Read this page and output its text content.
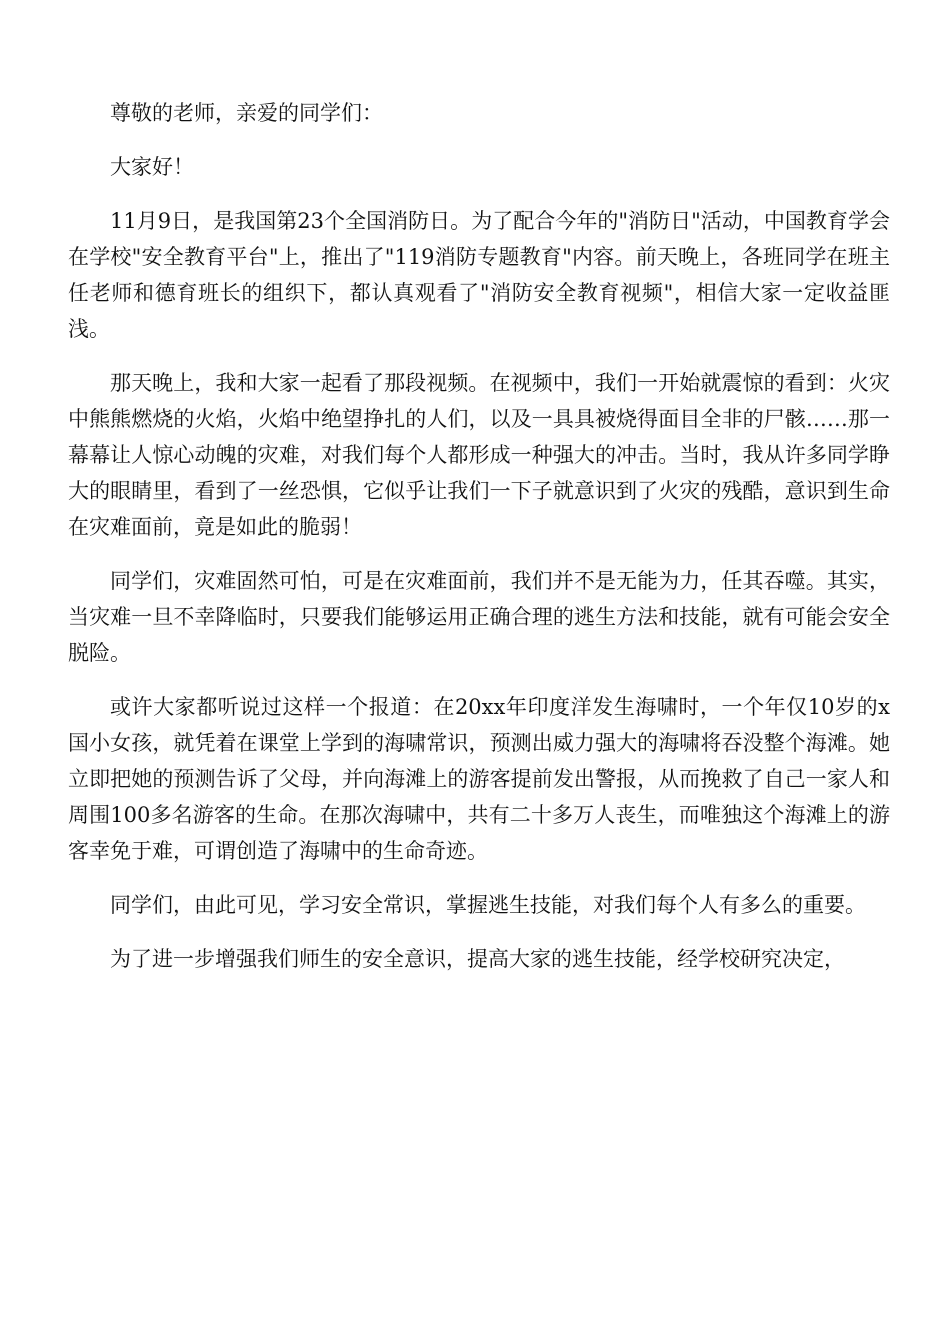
尊敬的老师，亲爱的同学们：

大家好！

11月9日，是我国第23个全国消防日。为了配合今年的"消防日"活动，中国教育学会在学校"安全教育平台"上，推出了"119消防专题教育"内容。前天晚上，各班同学在班主任老师和德育班长的组织下，都认真观看了"消防安全教育视频"，相信大家一定收益匪浅。

那天晚上，我和大家一起看了那段视频。在视频中，我们一开始就震惊的看到：火灾中熊熊燃烧的火焰，火焰中绝望挣扎的人们，以及一具具被烧得面目全非的尸骸……那一幕幕让人惊心动魄的灾难，对我们每个人都形成一种强大的冲击。当时，我从许多同学睁大的眼睛里，看到了一丝恐惧，它似乎让我们一下子就意识到了火灾的残酷，意识到生命在灾难面前，竟是如此的脆弱！

同学们，灾难固然可怕，可是在灾难面前，我们并不是无能为力，任其吞噬。其实，当灾难一旦不幸降临时，只要我们能够运用正确合理的逃生方法和技能，就有可能会安全脱险。

或许大家都听说过这样一个报道：在20xx年印度洋发生海啸时，一个年仅10岁的x国小女孩，就凭着在课堂上学到的海啸常识，预测出威力强大的海啸将吞没整个海滩。她立即把她的预测告诉了父母，并向海滩上的游客提前发出警报，从而挽救了自己一家人和周围100多名游客的生命。在那次海啸中，共有二十多万人丧生，而唯独这个海滩上的游客幸免于难，可谓创造了海啸中的生命奇迹。

同学们，由此可见，学习安全常识，掌握逃生技能，对我们每个人有多么的重要。

为了进一步增强我们师生的安全意识，提高大家的逃生技能，经学校研究决定，
